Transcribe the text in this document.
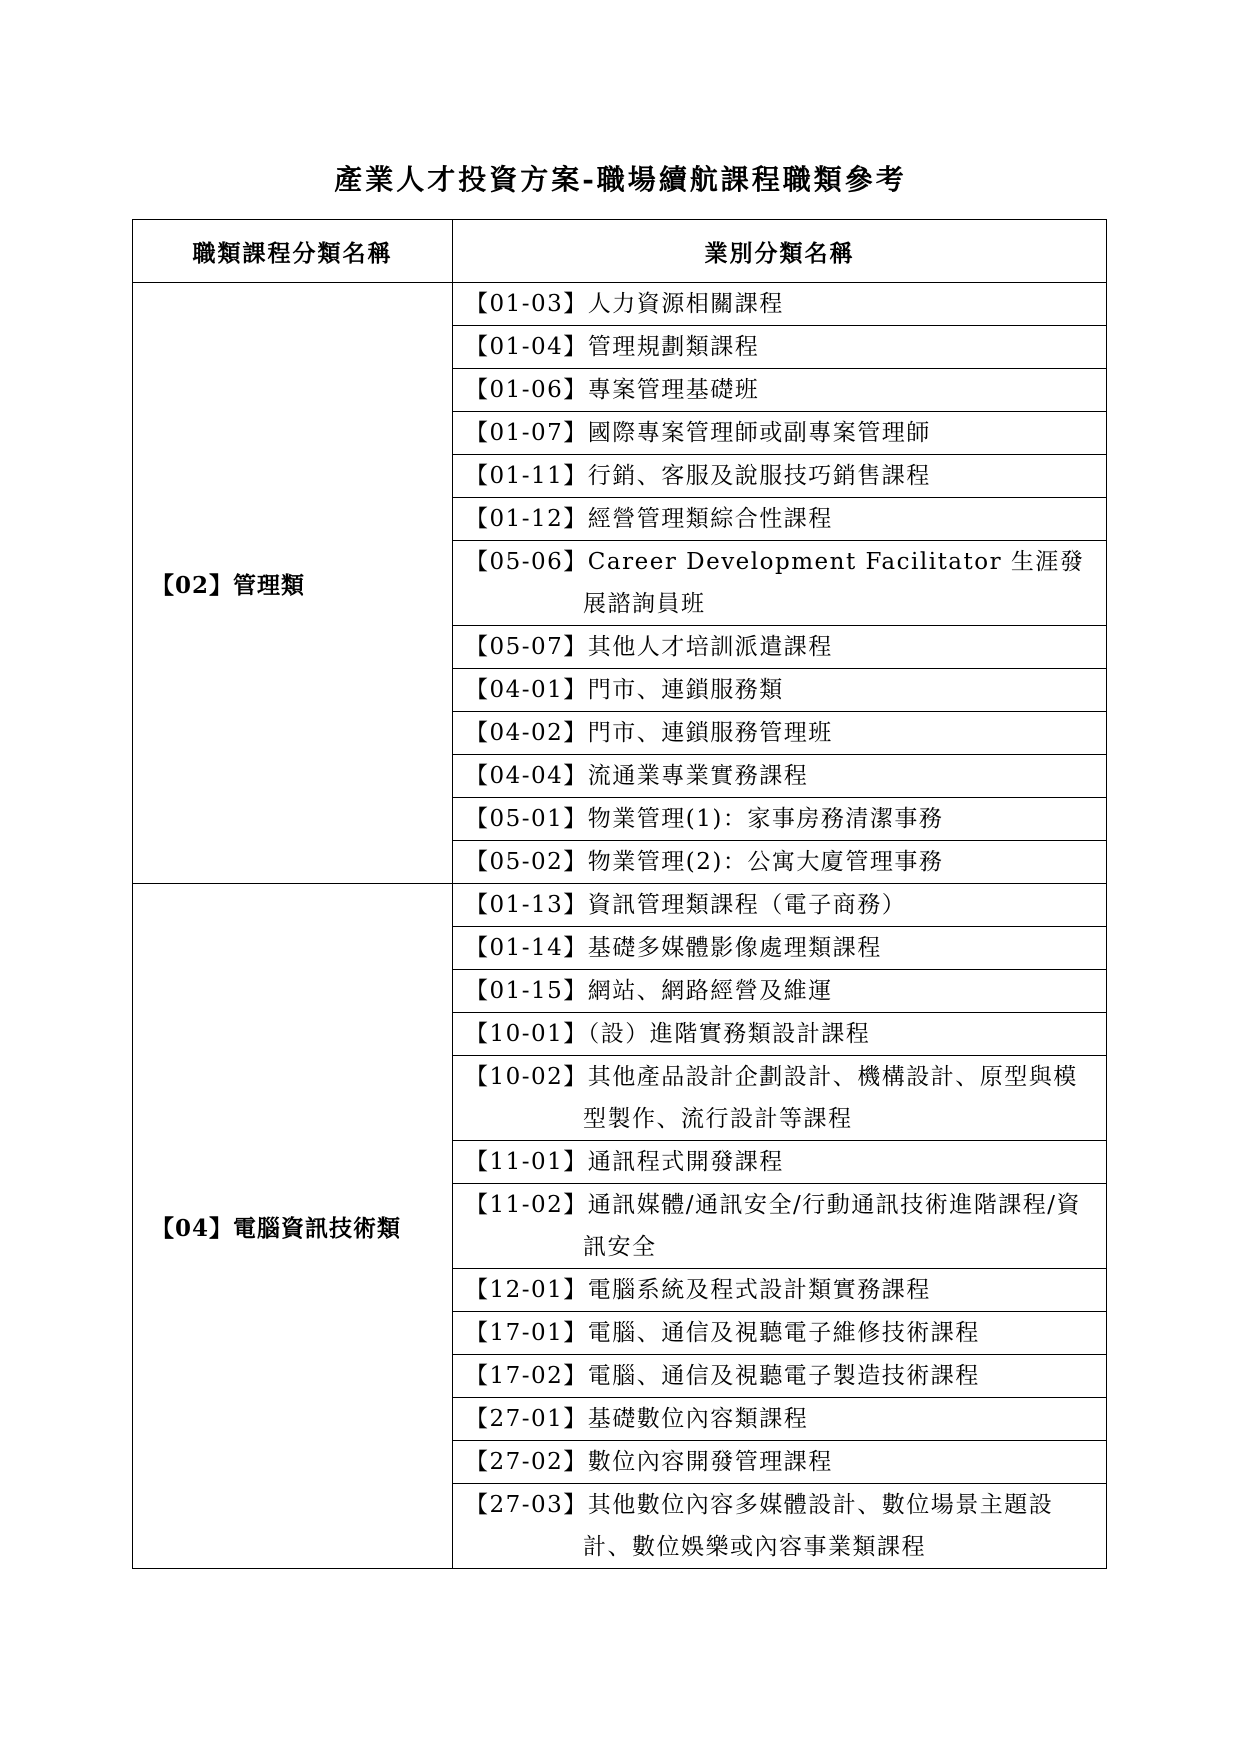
產業人才投資方案-職場續航課程職類參考
職類課程分類名稱	業別分類名稱
【02】管理類	【01-03】人力資源相關課程

	【01-04】管理規劃類課程

	【01-06】專案管理基礎班

	【01-07】國際專案管理師或副專案管理師

	【01-11】行銷、客服及說服技巧銷售課程

	【01-12】經營管理類綜合性課程

	【05-06】Career Development Facilitator 生涯發展諮詢員班

	【05-07】其他人才培訓派遣課程

	【04-01】門市、連鎖服務類

	【04-02】門市、連鎖服務管理班

	【04-04】流通業專業實務課程

	【05-01】物業管理(1)：家事房務清潔事務

	【05-02】物業管理(2)：公寓大廈管理事務

【04】電腦資訊技術類	【01-13】資訊管理類課程（電子商務）

	【01-14】基礎多媒體影像處理類課程

	【01-15】網站、網路經營及維運

	【10-01】（設）進階實務類設計課程

	【10-02】其他產品設計企劃設計、機構設計、原型與模型製作、流行設計等課程

	【11-01】通訊程式開發課程

	【11-02】通訊媒體/通訊安全/行動通訊技術進階課程/資訊安全

	【12-01】電腦系統及程式設計類實務課程

	【17-01】電腦、通信及視聽電子維修技術課程

	【17-02】電腦、通信及視聽電子製造技術課程

	【27-01】基礎數位內容類課程

	【27-02】數位內容開發管理課程

	【27-03】其他數位內容多媒體設計、數位場景主題設計、數位娛樂或內容事業類課程
